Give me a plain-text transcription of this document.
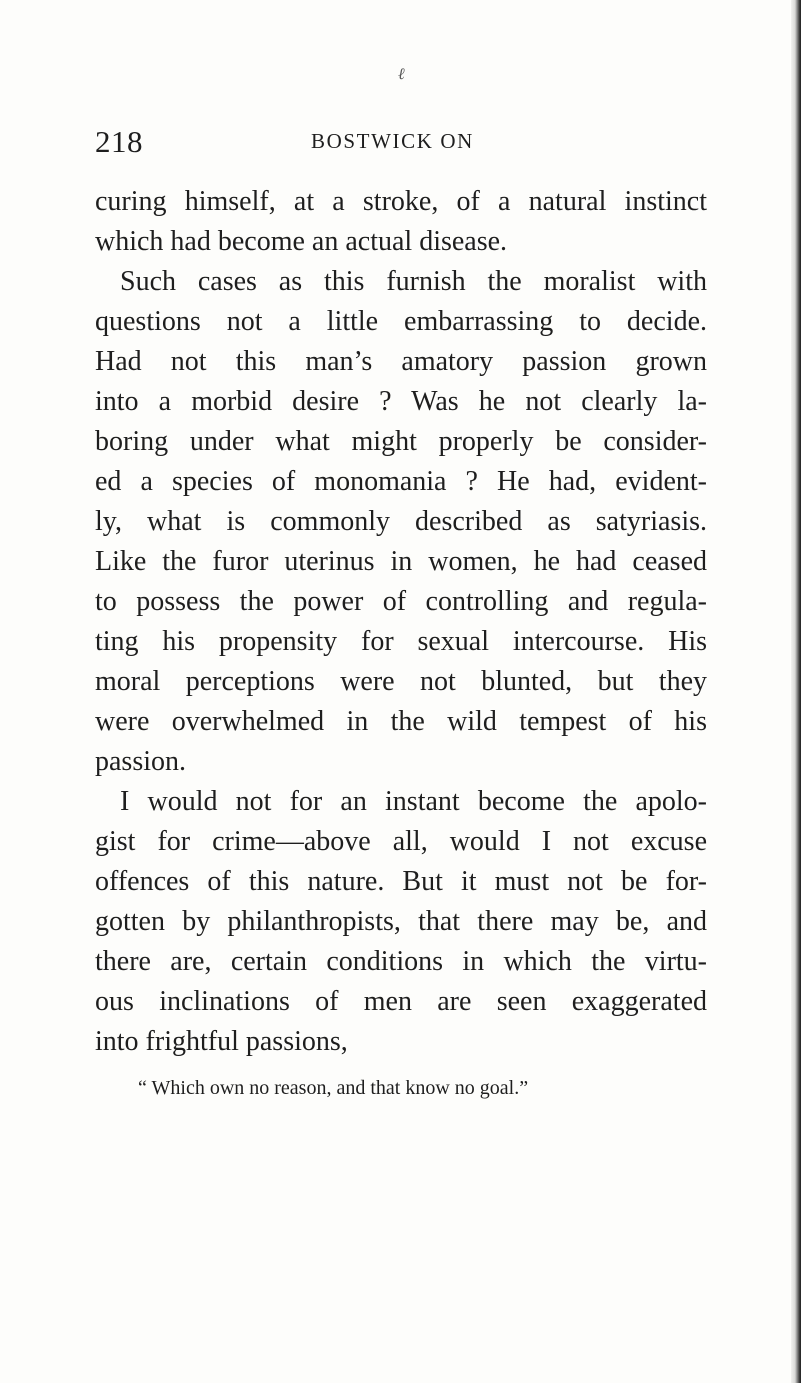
ℓ
218	BOSTWICK ON
curing himself, at a stroke, of a natural instinct
which had become an actual disease.
Such cases as this furnish the moralist with
questions not a little embarrassing to decide.
Had not this man’s amatory passion grown
into a morbid desire ? Was he not clearly la-
boring under what might properly be consider-
ed a species of monomania ? He had, evident-
ly, what is commonly described as satyriasis.
Like the furor uterinus in women, he had ceased
to possess the power of controlling and regula-
ting his propensity for sexual intercourse. His
moral perceptions were not blunted, but they
were overwhelmed in the wild tempest of his
passion.
I would not for an instant become the apolo-
gist for crime—above all, would I not excuse
offences of this nature. But it must not be for-
gotten by philanthropists, that there may be, and
there are, certain conditions in which the virtu-
ous inclinations of men are seen exaggerated
into frightful passions,
“ Which own no reason, and that know no goal.”
